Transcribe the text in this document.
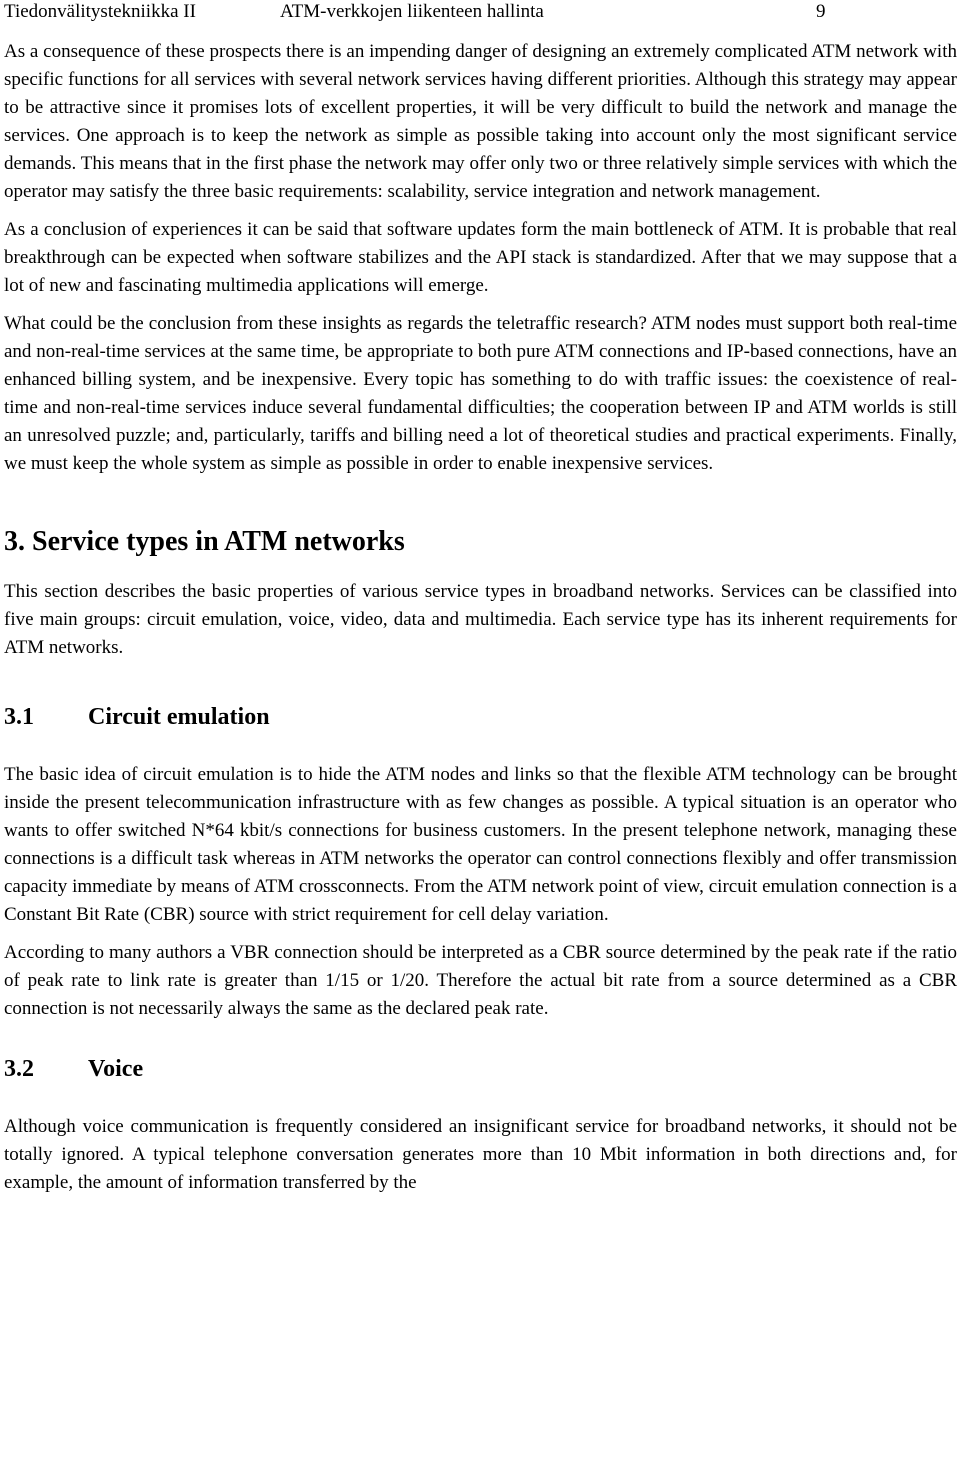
Tiedonvälitystekniikka II	ATM-verkkojen liikenteen hallinta	9

As a consequence of these prospects there is an impending danger of designing an extremely complicated ATM network with specific functions for all services with several network services having different priorities. Although this strategy may appear to be attractive since it promises lots of excellent properties, it will be very difficult to build the network and manage the services. One approach is to keep the network as simple as possible taking into account only the most significant service demands. This means that in the first phase the network may offer only two or three relatively simple services with which the operator may satisfy the three basic requirements: scalability, service integration and network management.

As a conclusion of experiences it can be said that software updates form the main bottleneck of ATM. It is probable that real breakthrough can be expected when software stabilizes and the API stack is standardized. After that we may suppose that a lot of new and fascinating multimedia applications will emerge.

What could be the conclusion from these insights as regards the teletraffic research? ATM nodes must support both real-time and non-real-time services at the same time, be appropriate to both pure ATM connections and IP-based connections, have an enhanced billing system, and be inexpensive. Every topic has something to do with traffic issues: the coexistence of real-time and non-real-time services induce several fundamental difficulties; the cooperation between IP and ATM worlds is still an unresolved puzzle; and, particularly, tariffs and billing need a lot of theoretical studies and practical experiments. Finally, we must keep the whole system as simple as possible in order to enable inexpensive services.

3. Service types in ATM networks

This section describes the basic properties of various service types in broadband networks. Services can be classified into five main groups: circuit emulation, voice, video, data and multimedia. Each service type has its inherent requirements for ATM networks.

3.1 Circuit emulation

The basic idea of circuit emulation is to hide the ATM nodes and links so that the flexible ATM technology can be brought inside the present telecommunication infrastructure with as few changes as possible. A typical situation is an operator who wants to offer switched N*64 kbit/s connections for business customers. In the present telephone network, managing these connections is a difficult task whereas in ATM networks the operator can control connections flexibly and offer transmission capacity immediate by means of ATM crossconnects. From the ATM network point of view, circuit emulation connection is a Constant Bit Rate (CBR) source with strict requirement for cell delay variation.

According to many authors a VBR connection should be interpreted as a CBR source determined by the peak rate if the ratio of peak rate to link rate is greater than 1/15 or 1/20. Therefore the actual bit rate from a source determined as a CBR connection is not necessarily always the same as the declared peak rate.

3.2 Voice

Although voice communication is frequently considered an insignificant service for broadband networks, it should not be totally ignored. A typical telephone conversation generates more than 10 Mbit information in both directions and, for example, the amount of information transferred by the
